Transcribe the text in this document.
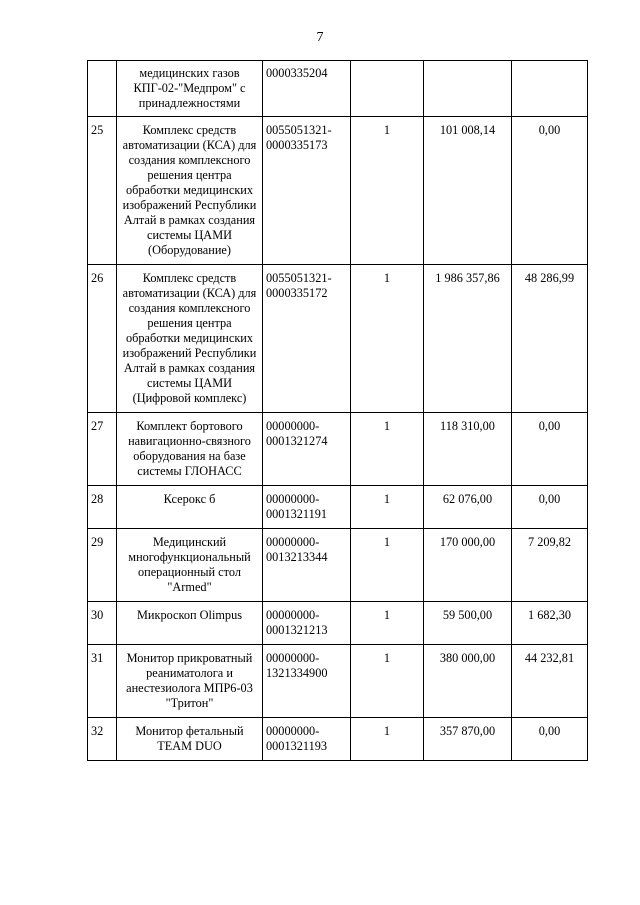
7
	медицинских газов КПГ-02-"Медпром" с принадлежностями	0000335204			
25	Комплекс средств автоматизации (КСА) для создания комплексного решения центра обработки медицинских изображений Республики Алтай в рамках создания системы ЦАМИ (Оборудование)	0055051321-0000335173	1	101 008,14	0,00
26	Комплекс средств автоматизации (КСА) для создания комплексного решения центра обработки медицинских изображений Республики Алтай в рамках создания системы ЦАМИ (Цифровой комплекс)	0055051321-0000335172	1	1 986 357,86	48 286,99
27	Комплект бортового навигационно-связного оборудования на базе системы ГЛОНАСС	00000000-0001321274	1	118 310,00	0,00
28	Ксерокс б	00000000-0001321191	1	62 076,00	0,00
29	Медицинский многофункциональный операционный стол "Armed"	00000000-0013213344	1	170 000,00	7 209,82
30	Микроскоп Olimpus	00000000-0001321213	1	59 500,00	1 682,30
31	Монитор прикроватный реаниматолога и анестезиолога МПР6-03 "Тритон"	00000000-1321334900	1	380 000,00	44 232,81
32	Монитор фетальный TEAM DUO	00000000-0001321193	1	357 870,00	0,00
